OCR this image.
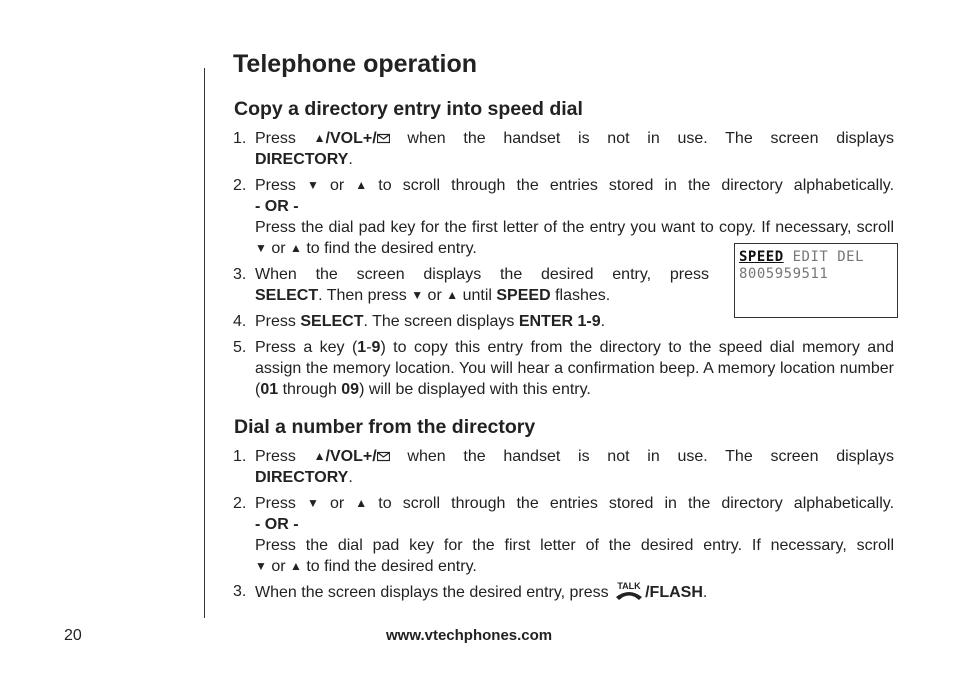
Telephone operation
Copy a directory entry into speed dial
1. Press ▲/VOL+/ when the handset is not in use. The screen displays
DIRECTORY.
2. Press ▼ or ▲ to scroll through the entries stored in the directory alphabetically.
- OR -
Press the dial pad key for the first letter of the entry you want to copy. If necessary, scroll
▼ or ▲ to find the desired entry.
3. When the screen displays the desired entry, press
SELECT. Then press ▼ or ▲ until SPEED flashes.
4. Press SELECT. The screen displays ENTER 1-9.
5. Press a key (1-9) to copy this entry from the directory to the speed dial memory and assign the memory location. You will hear a confirmation beep. A memory location number (01 through 09) will be displayed with this entry.
SPEED EDIT DEL
8005959511
Dial a number from the directory
1. Press ▲/VOL+/ when the handset is not in use. The screen displays
DIRECTORY.
2. Press ▼ or ▲ to scroll through the entries stored in the directory alphabetically.
- OR -
Press the dial pad key for the first letter of the desired entry. If necessary, scroll
▼ or ▲ to find the desired entry.
3. When the screen displays the desired entry, press TALK /FLASH.
20	www.vtechphones.com
